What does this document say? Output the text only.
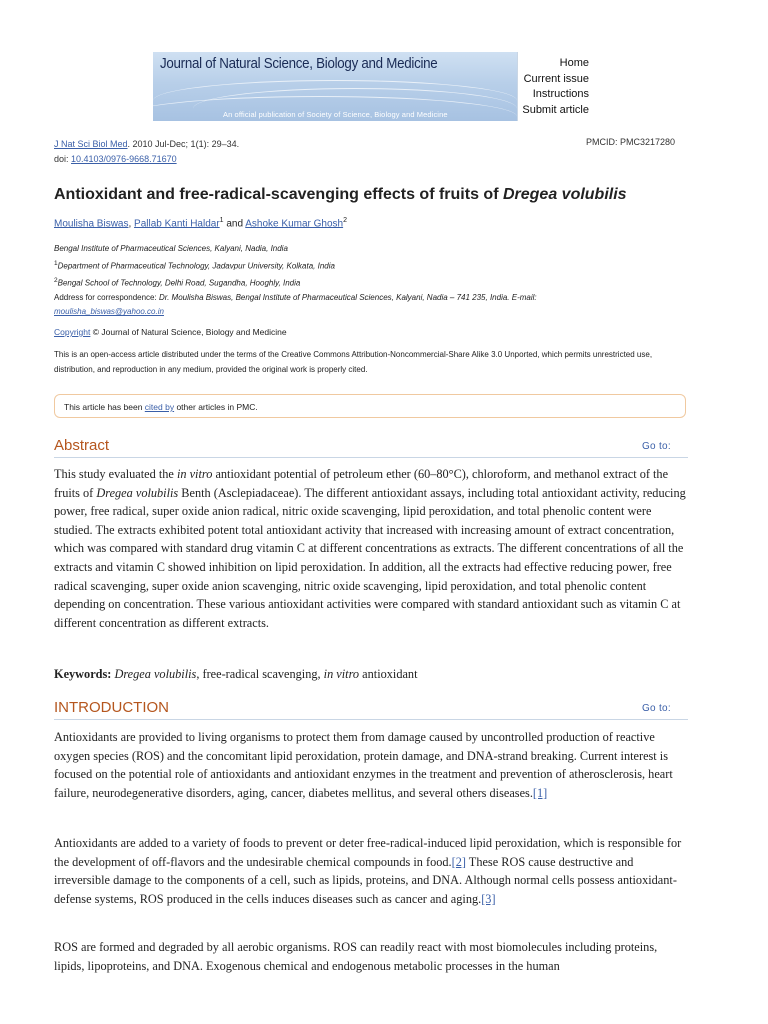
Journal of Natural Science, Biology and Medicine
An official publication of Society of Science, Biology and Medicine
Home
Current issue
Instructions
Submit article
J Nat Sci Biol Med. 2010 Jul-Dec; 1(1): 29–34.
doi: 10.4103/0976-9668.71670
PMCID: PMC3217280
Antioxidant and free-radical-scavenging effects of fruits of Dregea volubilis
Moulisha Biswas, Pallab Kanti Haldar$^1$ and Ashoke Kumar Ghosh$^2$
Bengal Institute of Pharmaceutical Sciences, Kalyani, Nadia, India
$^1$Department of Pharmaceutical Technology, Jadavpur University, Kolkata, India
$^2$Bengal School of Technology, Delhi Road, Sugandha, Hooghly, India
Address for correspondence: Dr. Moulisha Biswas, Bengal Institute of Pharmaceutical Sciences, Kalyani, Nadia – 741 235, India. E-mail:
moulisha_biswas@yahoo.co.in
Copyright © Journal of Natural Science, Biology and Medicine
This is an open-access article distributed under the terms of the Creative Commons Attribution-Noncommercial-Share Alike 3.0 Unported, which permits unrestricted use, distribution, and reproduction in any medium, provided the original work is properly cited.
This article has been cited by other articles in PMC.
Abstract	Go to:

This study evaluated the in vitro antioxidant potential of petroleum ether (60–80°C), chloroform, and methanol extract of the fruits of Dregea volubilis Benth (Asclepiadaceae). The different antioxidant assays, including total antioxidant activity, reducing power, free radical, super oxide anion radical, nitric oxide scavenging, lipid peroxidation, and total phenolic content were studied. The extracts exhibited potent total antioxidant activity that increased with increasing amount of extract concentration, which was compared with standard drug vitamin C at different concentrations as extracts. The different concentrations of all the extracts and vitamin C showed inhibition on lipid peroxidation. In addition, all the extracts had effective reducing power, free radical scavenging, super oxide anion scavenging, nitric oxide scavenging, lipid peroxidation, and total phenolic content depending on concentration. These various antioxidant activities were compared with standard antioxidant such as vitamin C at different concentration as different extracts.

Keywords: Dregea volubilis, free-radical scavenging, in vitro antioxidant

INTRODUCTION	Go to:

Antioxidants are provided to living organisms to protect them from damage caused by uncontrolled production of reactive oxygen species (ROS) and the concomitant lipid peroxidation, protein damage, and DNA-strand breaking. Current interest is focused on the potential role of antioxidants and antioxidant enzymes in the treatment and prevention of atherosclerosis, heart failure, neurodegenerative disorders, aging, cancer, diabetes mellitus, and several others diseases.[1]

Antioxidants are added to a variety of foods to prevent or deter free-radical-induced lipid peroxidation, which is responsible for the development of off-flavors and the undesirable chemical compounds in food.[2] These ROS cause destructive and irreversible damage to the components of a cell, such as lipids, proteins, and DNA. Although normal cells possess antioxidant-defense systems, ROS produced in the cells induces diseases such as cancer and aging.[3]

ROS are formed and degraded by all aerobic organisms. ROS can readily react with most biomolecules including proteins, lipids, lipoproteins, and DNA. Exogenous chemical and endogenous metabolic processes in the human
